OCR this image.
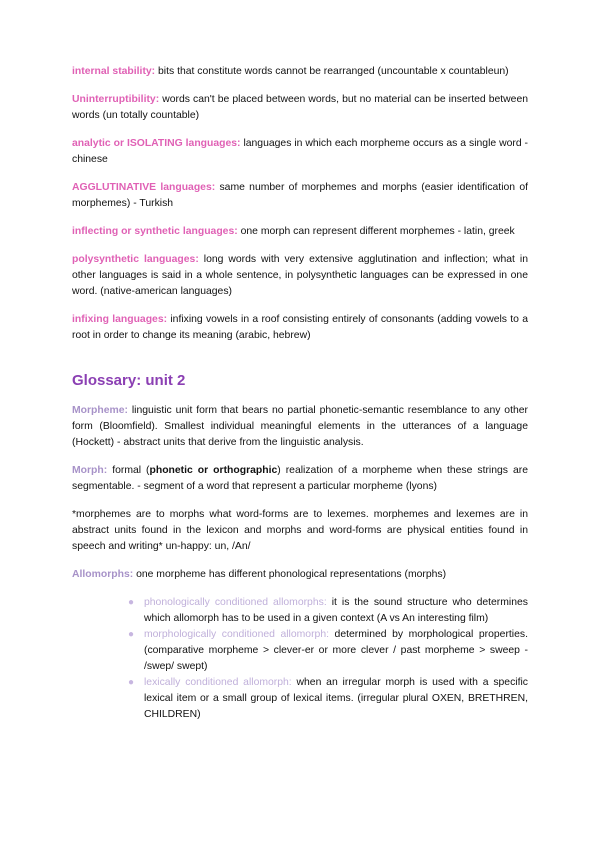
internal stability: bits that constitute words cannot be rearranged (uncountable x countableun)

Uninterruptibility: words can't be placed between words, but no material can be inserted between words (un totally countable)

analytic or ISOLATING languages: languages in which each morpheme occurs as a single word - chinese

AGGLUTINATIVE languages: same number of morphemes and morphs (easier identification of morphemes) - Turkish

inflecting or synthetic languages: one morph can represent different morphemes - latin, greek

polysynthetic languages: long words with very extensive agglutination and inflection; what in other languages is said in a whole sentence, in polysynthetic languages can be expressed in one word. (native-american languages)

infixing languages: infixing vowels in a roof consisting entirely of consonants (adding vowels to a root in order to change its meaning (arabic, hebrew)

Glossary: unit 2

Morpheme: linguistic unit form that bears no partial phonetic-semantic resemblance to any other form (Bloomfield). Smallest individual meaningful elements in the utterances of a language (Hockett) - abstract units that derive from the linguistic analysis.

Morph: formal (phonetic or orthographic) realization of a morpheme when these strings are segmentable. - segment of a word that represent a particular morpheme (lyons)

*morphemes are to morphs what word-forms are to lexemes. morphemes and lexemes are in abstract units found in the lexicon and morphs and word-forms are physical entities found in speech and writing* un-happy: un, /An/

Allomorphs: one morpheme has different phonological representations (morphs)

● phonologically conditioned allomorphs: it is the sound structure who determines which allomorph has to be used in a given context (A vs An interesting film)
● morphologically conditioned allomorph: determined by morphological properties. (comparative morpheme > clever-er or more clever / past morpheme > sweep - /swep/ swept)
● lexically conditioned allomorph: when an irregular morph is used with a specific lexical item or a small group of lexical items. (irregular plural OXEN, BRETHREN, CHILDREN)
